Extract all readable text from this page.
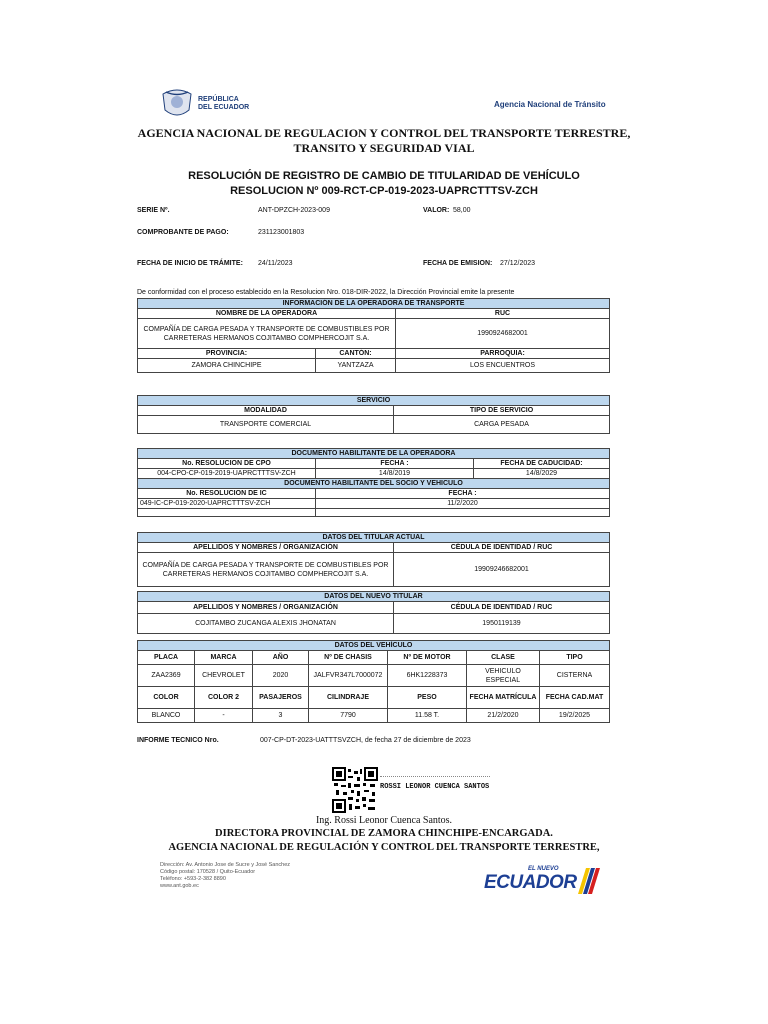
REPÚBLICA
DEL ECUADOR	Agencia Nacional de Tránsito
AGENCIA NACIONAL DE REGULACION Y CONTROL DEL TRANSPORTE TERRESTRE,
TRANSITO Y SEGURIDAD VIAL
RESOLUCIÓN DE REGISTRO DE CAMBIO DE TITULARIDAD DE VEHÍCULO
RESOLUCION Nº 009-RCT-CP-019-2023-UAPRCTTTSV-ZCH
SERIE Nº.	ANT-DPZCH-2023-009	VALOR: 58,00
COMPROBANTE DE PAGO:	231123001803
FECHA DE INICIO DE TRÁMITE: 24/11/2023	FECHA DE EMISION: 27/12/2023
De conformidad con el proceso establecido en la Resolucion Nro. 018-DIR-2022, la Dirección Provincial emite la presente
INFORMACIÓN DE LA OPERADORA DE TRANSPORTE		
NOMBRE DE LA OPERADORA		RUC
COMPAÑÍA DE CARGA PESADA Y TRANSPORTE DE COMBUSTIBLES POR CARRETERAS HERMANOS COJITAMBO COMPHERCOJIT S.A.		1990924682001
PROVINCIA:	CANTÓN:	PARROQUIA:
ZAMORA CHINCHIPE	YANTZAZA	LOS ENCUENTROS
SERVICIO	
MODALIDAD	TIPO DE SERVICIO
TRANSPORTE COMERCIAL	CARGA PESADA
DOCUMENTO HABILITANTE DE LA OPERADORA		
No. RESOLUCION DE CPO	FECHA :	FECHA DE CADUCIDAD:
004-CPO-CP-019-2019-UAPRCTTTSV-ZCH	14/8/2019	14/8/2029
DOCUMENTO HABILITANTE DEL SOCIO Y VEHICULO		
No. RESOLUCION DE IC	FECHA :	
049-IC-CP-019-2020-UAPRCTTTSV-ZCH	11/2/2020	

DATOS DEL TITULAR ACTUAL	
APELLIDOS Y NOMBRES / ORGANIZACIÓN	CÉDULA DE IDENTIDAD / RUC
COMPAÑÍA DE CARGA PESADA Y TRANSPORTE DE COMBUSTIBLES POR CARRETERAS HERMANOS COJITAMBO COMPHERCOJIT S.A.	19909246682001
DATOS DEL NUEVO TITULAR	
APELLIDOS Y NOMBRES / ORGANIZACIÓN	CÉDULA DE IDENTIDAD / RUC
COJITAMBO ZUCANGA ALEXIS JHONATAN	1950119139
DATOS DEL VEHÍCULO						
PLACA	MARCA	AÑO	Nº DE CHASIS	Nº DE MOTOR	CLASE	TIPO
ZAA2369	CHEVROLET	2020	JALFVR347L7000072	6HK1228373	VEHICULO ESPECIAL	CISTERNA
COLOR	COLOR 2	PASAJEROS	CILINDRAJE	PESO	FECHA MATRÍCULA	FECHA CAD.MAT
BLANCO	-	3	7790	11.58 T.	21/2/2020	19/2/2025
INFORME TECNICO Nro.	007-CP-DT-2023-UATTTSVZCH, de fecha 27 de diciembre de 2023
ROSSI LEONOR CUENCA SANTOS
Ing. Rossi Leonor Cuenca Santos.
DIRECTORA PROVINCIAL DE ZAMORA CHINCHIPE-ENCARGADA.
AGENCIA NACIONAL DE REGULACIÓN Y CONTROL DEL TRANSPORTE TERRESTRE,
Dirección: Av. Antonio Jose de Sucre y José Sanchez
Código postal: 170528 / Quito-Ecuador
Teléfono: +593-2-382 8890
www.ant.gob.ec
EL NUEVO
ECUADOR
